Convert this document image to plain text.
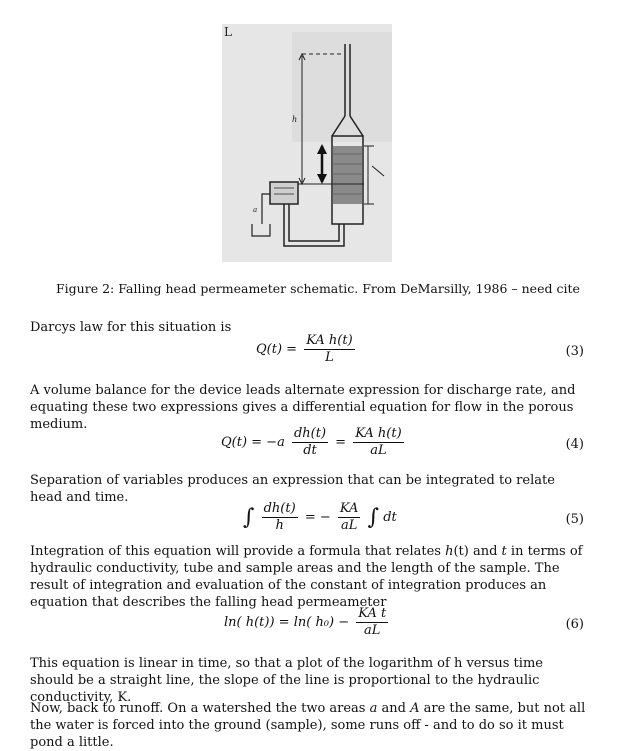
L
h
a
Figure 2: Falling head permeameter schematic. From DeMarsilly, 1986 – need cite
Darcys law for this situation is
$Q(t) = \frac{\text{KA h(t)}}{L}$	(3)
A volume balance for the device leads alternate expression for discharge rate, and equating these two expressions gives a differential equation for flow in the porous medium.
$Q(t) = -a \frac{dh(t)}{dt} = \frac{\text{KA h(t)}}{aL}$	(4)
Separation of variables produces an expression that can be integrated to relate head and time.
∫ $\frac{dh(t)}{h}$ = − $\frac{KA}{aL}$ ∫ dt	(5)
Integration of this equation will provide a formula that relates h(t) and t in terms of hydraulic conductivity, tube and sample areas and the length of the sample. The result of integration and evaluation of the constant of integration produces an equation that describes the falling head permeameter
ln( h(t)) = ln( $h_0) - \frac{\text{KA t}}{aL}$	(6)
This equation is linear in time, so that a plot of the logarithm of h versus time should be a straight line, the slope of the line is proportional to the hydraulic conductivity, K.
Now, back to runoff. On a watershed the two areas a and A are the same, but not all the water is forced into the ground (sample), some runs off - and to do so it must pond a little.
